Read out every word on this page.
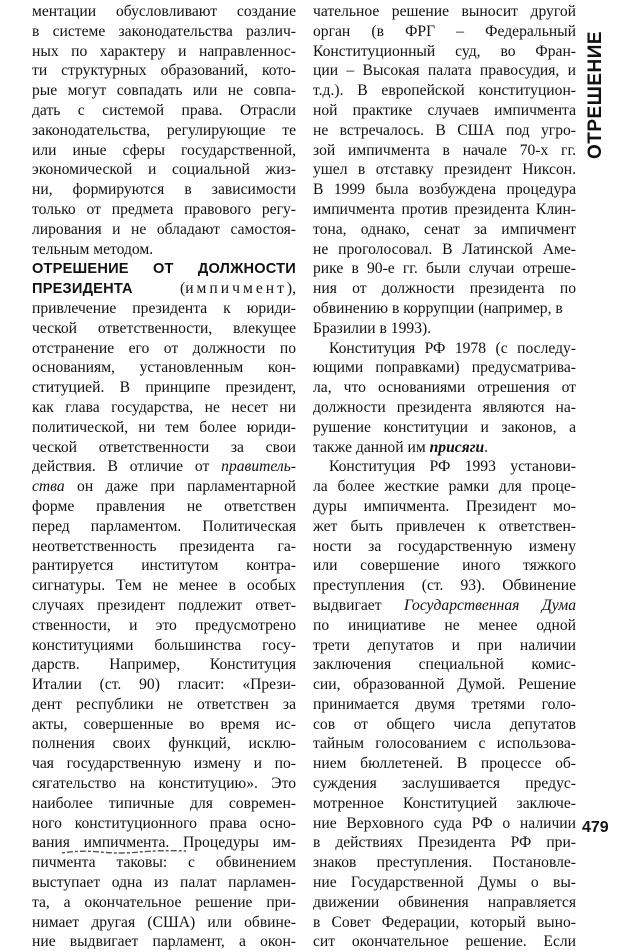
ментации обусловливают создание
в системе законодательства различ-
ных по характеру и направленнос-
ти структурных образований, кото-
рые могут совпадать или не совпа-
дать с системой права. Отрасли
законодательства, регулирующие те
или иные сферы государственной,
экономической и социальной жиз-
ни, формируются в зависимости
только от предмета правового регу-
лирования и не обладают самостоя-
тельным методом.
ОТРЕШЕНИЕ ОТ ДОЛЖНОСТИ
ПРЕЗИДЕНТА	(импичмент),
привлечение президента к юриди-
ческой ответственности, влекущее
отстранение его от должности по
основаниям, установленным кон-
ституцией. В принципе президент,
как глава государства, не несет ни
политической, ни тем более юриди-
ческой ответственности за свои
действия. В отличие от правитель-
ства он даже при парламентарной
форме правления не ответствен
перед парламентом. Политическая
неответственность президента га-
рантируется институтом контра-
сигнатуры. Тем не менее в особых
случаях президент подлежит ответ-
ственности, и это предусмотрено
конституциями большинства госу-
дарств. Например, Конституция
Италии (ст. 90) гласит: «Прези-
дент республики не ответствен за
акты, совершенные во время ис-
полнения своих функций, исклю-
чая государственную измену и по-
сягательство на конституцию». Это
наиболее типичные для современ-
ного конституционного права осно-
вания импичмента. Процедуры им-
пичмента таковы: с обвинением
выступает одна из палат парламен-
та, а окончательное решение при-
нимает другая (США) или обвине-
ние выдвигает парламент, а окон-
чательное решение выносит другой
орган (в ФРГ – Федеральный
Конституционный суд, во Фран-
ции – Высокая палата правосудия, и
т.д.). В европейской конституцион-
ной практике случаев импичмента
не встречалось. В США под угро-
зой импичмента в начале 70-х гг.
ушел в отставку президент Никсон.
В 1999 была возбуждена процедура
импичмента против президента Клин-
тона, однако, сенат за импичмент
не проголосовал. В Латинской Аме-
рике в 90-е гг. были случаи отреше-
ния от должности президента по
обвинению в коррупции (например, в Бразилии в 1993).
Конституция РФ 1978 (с последу-
ющими поправками) предусматрива-
ла, что основаниями отрешения от
должности президента являются на-
рушение конституции и законов, а
также данной им присяги.
Конституция РФ 1993 установи-
ла более жесткие рамки для проце-
дуры импичмента. Президент мо-
жет быть привлечен к ответствен-
ности за государственную измену
или совершение иного тяжкого
преступления (ст. 93). Обвинение
выдвигает Государственная Дума
по инициативе не менее одной
трети депутатов и при наличии
заключения специальной комис-
сии, образованной Думой. Решение
принимается двумя третями голо-
сов от общего числа депутатов
тайным голосованием с использова-
нием бюллетеней. В процессе об-
суждения заслушивается предус-
мотренное Конституцией заключе-
ние Верховного суда РФ о наличии
в действиях Президента РФ при-
знаков преступления. Постановле-
ние Государственной Думы о вы-
движении обвинения направляется
в Совет Федерации, который выно-
сит окончательное решение. Если
ОТРЕШЕНИЕ
479
